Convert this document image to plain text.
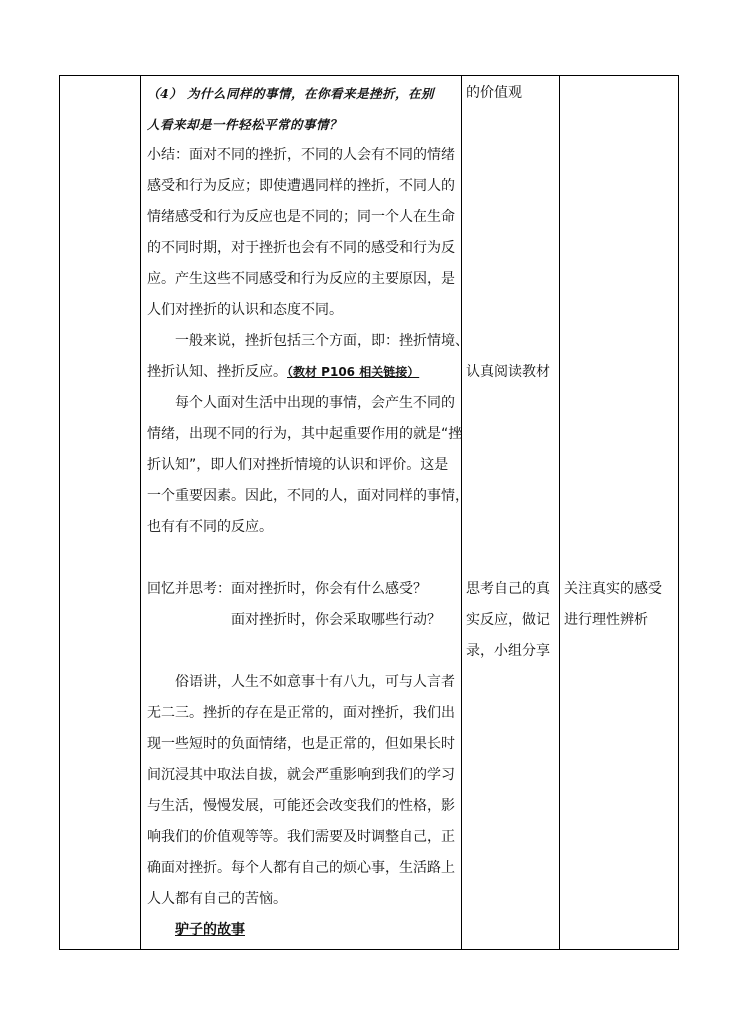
（4） 为什么同样的事情，在你看来是挫折，在别
人看来却是一件轻松平常的事情？
小结：面对不同的挫折，不同的人会有不同的情绪
感受和行为反应；即使遭遇同样的挫折，不同人的
情绪感受和行为反应也是不同的；同一个人在生命
的不同时期，对于挫折也会有不同的感受和行为反
应。产生这些不同感受和行为反应的主要原因，是
人们对挫折的认识和态度不同。
一般来说，挫折包括三个方面，即：挫折情境、
挫折认知、挫折反应。（教材 P106 相关链接）
每个人面对生活中出现的事情，会产生不同的
情绪，出现不同的行为，其中起重要作用的就是“挫
折认知”，即人们对挫折情境的认识和评价。这是
一个重要因素。因此，不同的人，面对同样的事情，
也有有不同的反应。
回忆并思考：面对挫折时，你会有什么感受？
面对挫折时，你会采取哪些行动？
俗语讲，人生不如意事十有八九，可与人言者
无二三。挫折的存在是正常的，面对挫折，我们出
现一些短时的负面情绪，也是正常的，但如果长时
间沉浸其中取法自拔，就会严重影响到我们的学习
与生活，慢慢发展，可能还会改变我们的性格，影
响我们的价值观等等。我们需要及时调整自己，正
确面对挫折。每个人都有自己的烦心事，生活路上
人人都有自己的苦恼。
驴子的故事
的价值观
认真阅读教材
思考自己的真
实反应，做记
录，小组分享
关注真实的感受
进行理性辨析
